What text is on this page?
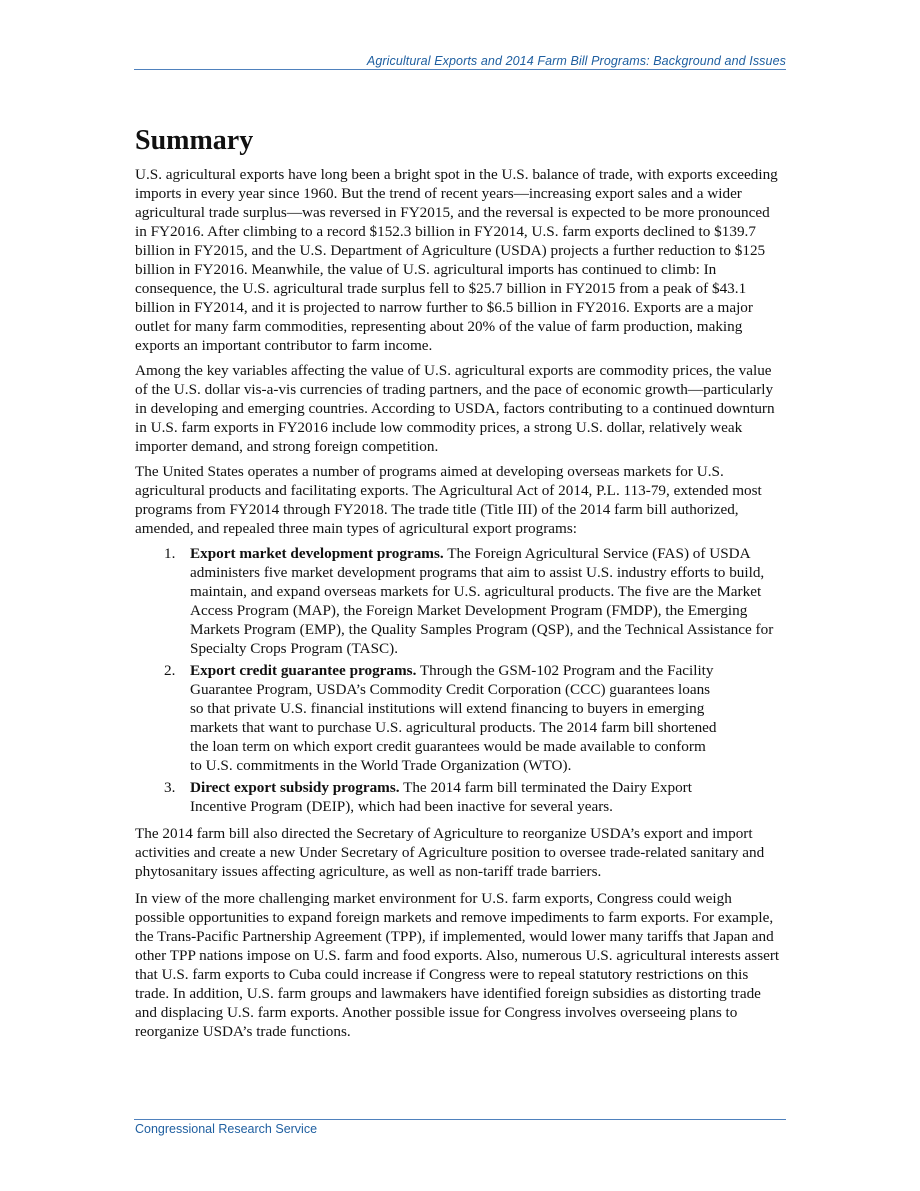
Agricultural Exports and 2014 Farm Bill Programs: Background and Issues
Summary

U.S. agricultural exports have long been a bright spot in the U.S. balance of trade, with exports exceeding imports in every year since 1960. But the trend of recent years—increasing export sales and a wider agricultural trade surplus—was reversed in FY2015, and the reversal is expected to be more pronounced in FY2016. After climbing to a record $152.3 billion in FY2014, U.S. farm exports declined to $139.7 billion in FY2015, and the U.S. Department of Agriculture (USDA) projects a further reduction to $125 billion in FY2016. Meanwhile, the value of U.S. agricultural imports has continued to climb: In consequence, the U.S. agricultural trade surplus fell to $25.7 billion in FY2015 from a peak of $43.1 billion in FY2014, and it is projected to narrow further to $6.5 billion in FY2016. Exports are a major outlet for many farm commodities, representing about 20% of the value of farm production, making exports an important contributor to farm income.

Among the key variables affecting the value of U.S. agricultural exports are commodity prices, the value of the U.S. dollar vis-a-vis currencies of trading partners, and the pace of economic growth—particularly in developing and emerging countries. According to USDA, factors contributing to a continued downturn in U.S. farm exports in FY2016 include low commodity prices, a strong U.S. dollar, relatively weak importer demand, and strong foreign competition.

The United States operates a number of programs aimed at developing overseas markets for U.S. agricultural products and facilitating exports. The Agricultural Act of 2014, P.L. 113-79, extended most programs from FY2014 through FY2018. The trade title (Title III) of the 2014 farm bill authorized, amended, and repealed three main types of agricultural export programs:

1. Export market development programs. The Foreign Agricultural Service (FAS) of USDA administers five market development programs that aim to assist U.S. industry efforts to build, maintain, and expand overseas markets for U.S. agricultural products. The five are the Market Access Program (MAP), the Foreign Market Development Program (FMDP), the Emerging Markets Program (EMP), the Quality Samples Program (QSP), and the Technical Assistance for Specialty Crops Program (TASC).
2. Export credit guarantee programs. Through the GSM-102 Program and the Facility Guarantee Program, USDA’s Commodity Credit Corporation (CCC) guarantees loans so that private U.S. financial institutions will extend financing to buyers in emerging markets that want to purchase U.S. agricultural products. The 2014 farm bill shortened the loan term on which export credit guarantees would be made available to conform to U.S. commitments in the World Trade Organization (WTO).
3. Direct export subsidy programs. The 2014 farm bill terminated the Dairy Export Incentive Program (DEIP), which had been inactive for several years.

The 2014 farm bill also directed the Secretary of Agriculture to reorganize USDA’s export and import activities and create a new Under Secretary of Agriculture position to oversee trade-related sanitary and phytosanitary issues affecting agriculture, as well as non-tariff trade barriers.

In view of the more challenging market environment for U.S. farm exports, Congress could weigh possible opportunities to expand foreign markets and remove impediments to farm exports. For example, the Trans-Pacific Partnership Agreement (TPP), if implemented, would lower many tariffs that Japan and other TPP nations impose on U.S. farm and food exports. Also, numerous U.S. agricultural interests assert that U.S. farm exports to Cuba could increase if Congress were to repeal statutory restrictions on this trade. In addition, U.S. farm groups and lawmakers have identified foreign subsidies as distorting trade and displacing U.S. farm exports. Another possible issue for Congress involves overseeing plans to reorganize USDA’s trade functions.

Congressional Research Service
